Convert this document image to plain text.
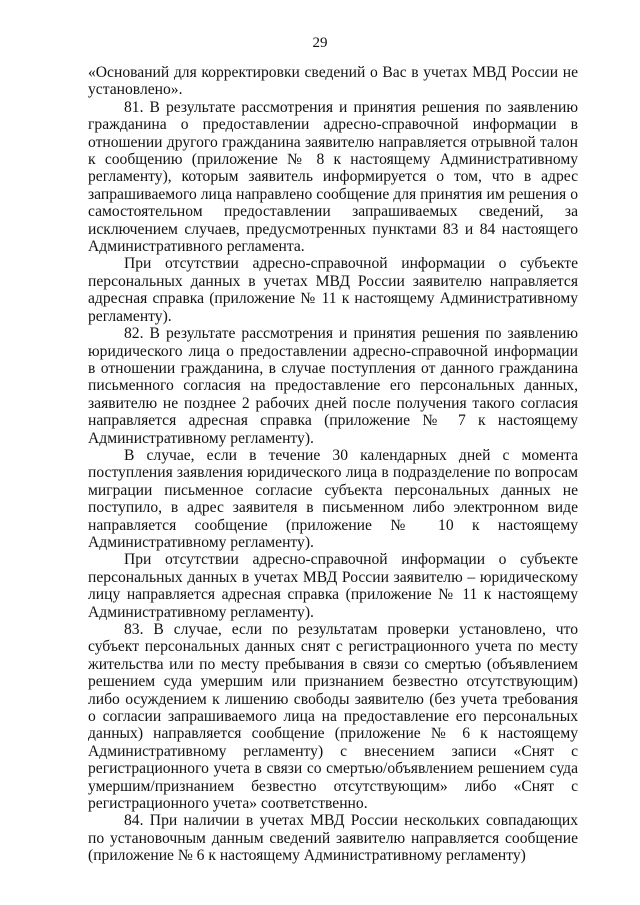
29

«Оснований для корректировки сведений о Вас в учетах МВД России не установлено».

81. В результате рассмотрения и принятия решения по заявлению гражданина о предоставлении адресно-справочной информации в отношении другого гражданина заявителю направляется отрывной талон к сообщению (приложение № 8 к настоящему Административному регламенту), которым заявитель информируется о том, что в адрес запрашиваемого лица направлено сообщение для принятия им решения о самостоятельном предоставлении запрашиваемых сведений, за исключением случаев, предусмотренных пунктами 83 и 84 настоящего Административного регламента.

При отсутствии адресно-справочной информации о субъекте персональных данных в учетах МВД России заявителю направляется адресная справка (приложение № 11 к настоящему Административному регламенту).

82. В результате рассмотрения и принятия решения по заявлению юридического лица о предоставлении адресно-справочной информации в отношении гражданина, в случае поступления от данного гражданина письменного согласия на предоставление его персональных данных, заявителю не позднее 2 рабочих дней после получения такого согласия направляется адресная справка (приложение № 7 к настоящему Административному регламенту).

В случае, если в течение 30 календарных дней с момента поступления заявления юридического лица в подразделение по вопросам миграции письменное согласие субъекта персональных данных не поступило, в адрес заявителя в письменном либо электронном виде направляется сообщение (приложение № 10 к настоящему Административному регламенту).

При отсутствии адресно-справочной информации о субъекте персональных данных в учетах МВД России заявителю – юридическому лицу направляется адресная справка (приложение № 11 к настоящему Административному регламенту).

83. В случае, если по результатам проверки установлено, что субъект персональных данных снят с регистрационного учета по месту жительства или по месту пребывания в связи со смертью (объявлением решением суда умершим или признанием безвестно отсутствующим) либо осуждением к лишению свободы заявителю (без учета требования о согласии запрашиваемого лица на предоставление его персональных данных) направляется сообщение (приложение № 6 к настоящему Административному регламенту) с внесением записи «Снят с регистрационного учета в связи со смертью/объявлением решением суда умершим/признанием безвестно отсутствующим» либо «Снят с регистрационного учета» соответственно.

84. При наличии в учетах МВД России нескольких совпадающих по установочным данным сведений заявителю направляется сообщение (приложение № 6 к настоящему Административному регламенту)
